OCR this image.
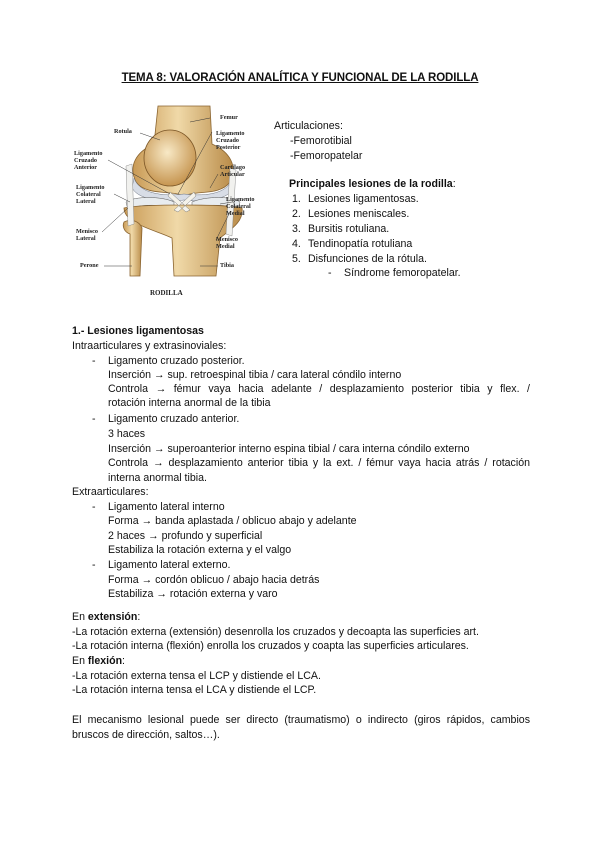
TEMA 8: VALORACIÓN ANALÍTICA Y FUNCIONAL DE LA RODILLA
Rotula
Femur
Ligamento
Cruzado
Anterior
Ligamento
Colateral
Lateral
Menisco
Lateral
Perone
Ligamento
Cruzado
Posterior
Cartilago
Articular
Ligamento
Colateral
Medial
Menisco
Medial
Tibia
RODILLA
Articulaciones:
-Femorotibial
-Femoropatelar
Principales lesiones de la rodilla:
1. Lesiones ligamentosas.
2. Lesiones meniscales.
3. Bursitis rotuliana.
4. Tendinopatía rotuliana
5. Disfunciones de la rótula.
- Síndrome femoropatelar.
1.- Lesiones ligamentosas
Intraarticulares y extrasinoviales:
- Ligamento cruzado posterior.
Inserción → sup. retroespinal tibia / cara lateral cóndilo interno
Controla → fémur vaya hacia adelante / desplazamiento posterior tibia y flex. /
rotación interna anormal de la tibia
- Ligamento cruzado anterior.
3 haces
Inserción → superoanterior interno espina tibial / cara interna cóndilo externo
Controla → desplazamiento anterior tibia y la ext. / fémur vaya hacia atrás / rotación
interna anormal tibia.
Extraarticulares:
- Ligamento lateral interno
Forma → banda aplastada / oblicuo abajo y adelante
2 haces → profundo y superficial
Estabiliza la rotación externa y el valgo
- Ligamento lateral externo.
Forma → cordón oblicuo / abajo hacia detrás
Estabiliza → rotación externa y varo
En extensión:
-La rotación externa (extensión) desenrolla los cruzados y decoapta las superficies art.
-La rotación interna (flexión) enrolla los cruzados y coapta las superficies articulares.
En flexión:
-La rotación externa tensa el LCP y distiende el LCA.
-La rotación interna tensa el LCA y distiende el LCP.
El mecanismo lesional puede ser directo (traumatismo) o indirecto (giros rápidos, cambios
bruscos de dirección, saltos…).
